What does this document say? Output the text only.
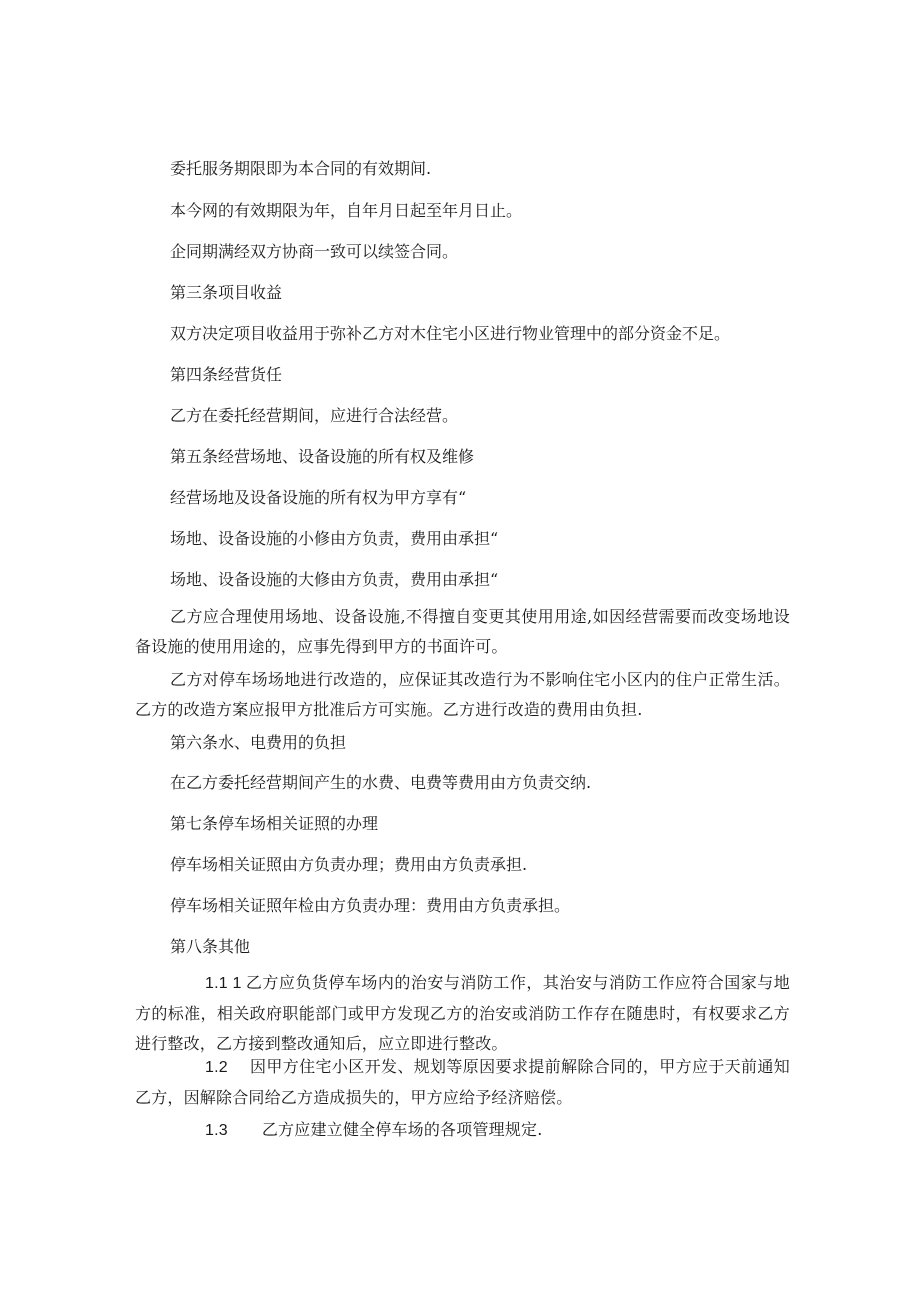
委托服务期限即为本合同的有效期间.
本今网的有效期限为年，自年月日起至年月日止。
企同期满经双方协商一致可以续签合同。
第三条项目收益
双方决定项目收益用于弥补乙方对木住宅小区进行物业管理中的部分资金不足。
第四条经营货任
乙方在委托经营期间，应进行合法经营。
第五条经营场地、设备设施的所有权及维修
经营场地及设备设施的所有权为甲方享有“
场地、设备设施的小修由方负责，费用由承担“
场地、设备设施的大修由方负责，费用由承担“
乙方应合理使用场地、设备设施,不得擅自变更其使用用途,如因经营需要而改变场地设备设施的使用用途的，应事先得到甲方的书面许可。
乙方对停车场场地进行改造的，应保证其改造行为不影响住宅小区内的住户正常生活。乙方的改造方案应报甲方批准后方可实施。乙方进行改造的费用由负担.
第六条水、电费用的负担
在乙方委托经营期间产生的水费、电费等费用由方负责交纳.
第七条停车场相关证照的办理
停车场相关证照由方负责办理；费用由方负责承担.
停车场相关证照年检由方负责办理：费用由方负责承担。
第八条其他
1.1 1 乙方应负货停车场内的治安与消防工作，其治安与消防工作应符合国家与地方的标准，相关政府职能部门或甲方发现乙方的治安或消防工作存在随患时，有权要求乙方进行整改，乙方接到整改通知后，应立即进行整改。
1.2 因甲方住宅小区开发、规划等原因要求提前解除合同的，甲方应于天前通知乙方，因解除合同给乙方造成损失的，甲方应给予经济赔偿。
1.3 乙方应建立健全停车场的各项管理规定.
